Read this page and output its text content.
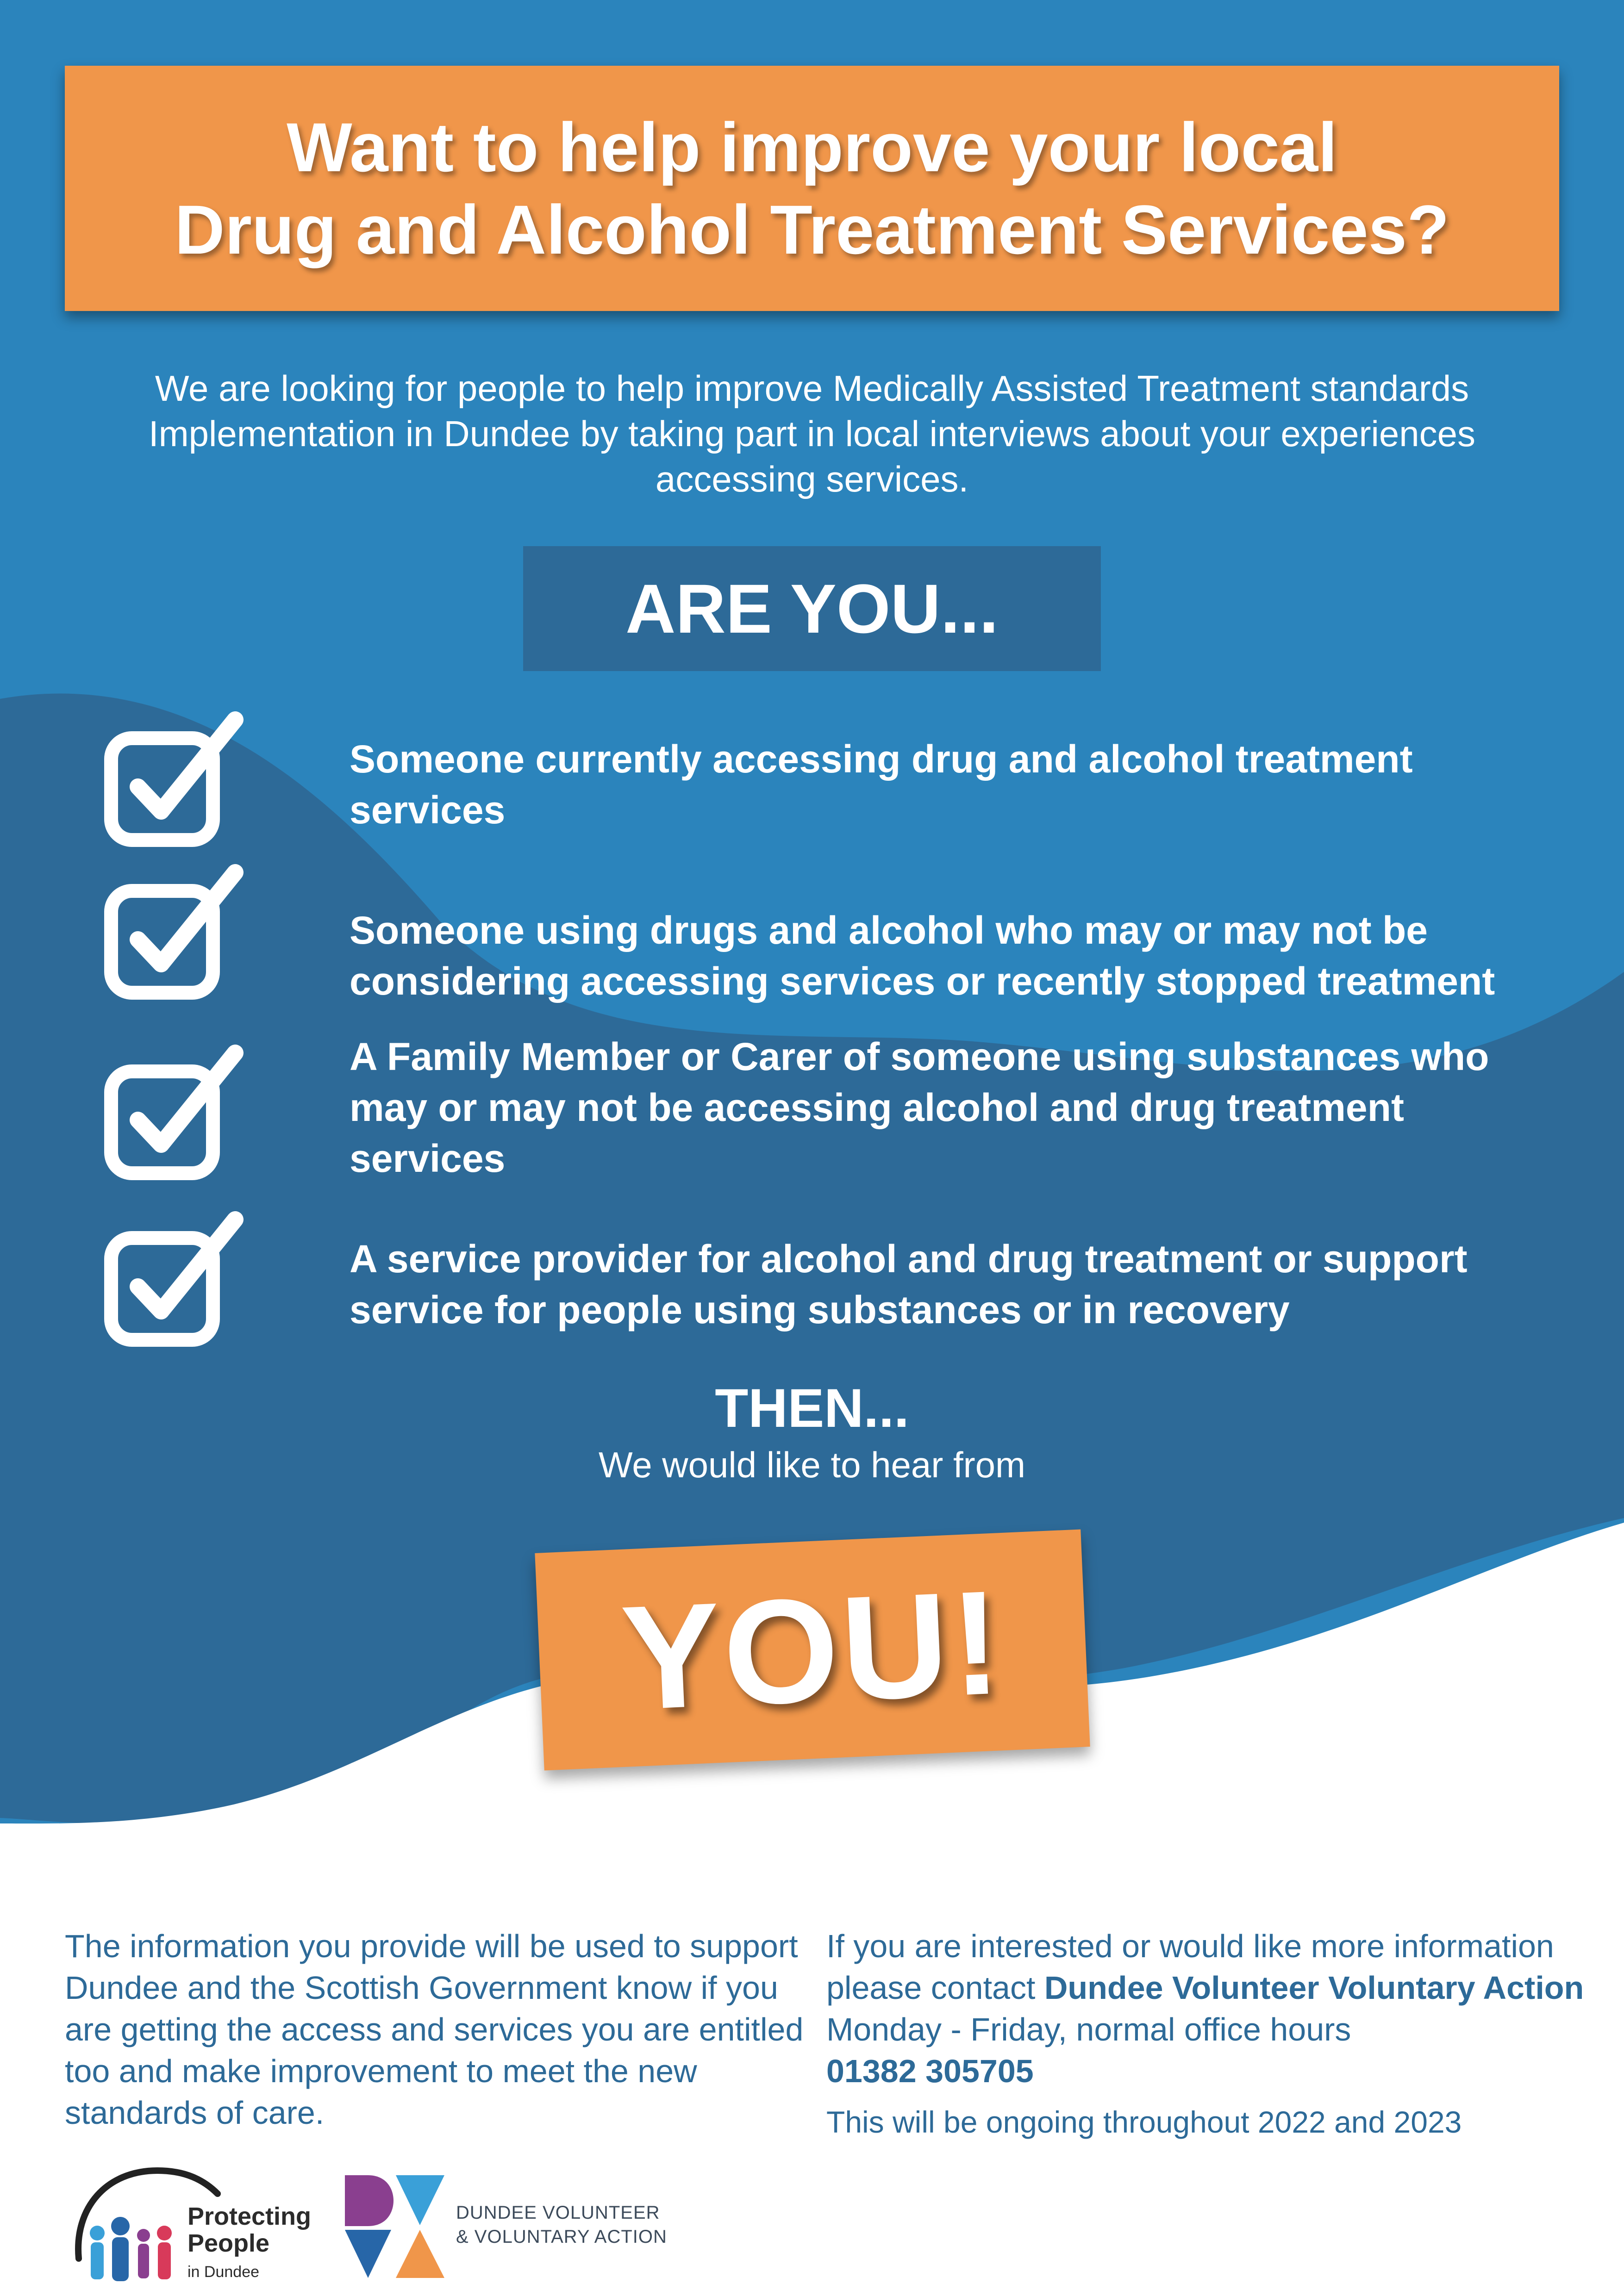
Want to help improve your local
Drug and Alcohol Treatment Services?
We are looking for people to help improve Medically Assisted Treatment standards Implementation in Dundee by taking part in local interviews about your experiences accessing services.
ARE YOU...
Someone currently accessing drug and alcohol treatment services
Someone using drugs and alcohol who may or may not be considering accessing services or recently stopped treatment
A Family Member or Carer of someone using substances who may or may not be accessing alcohol and drug treatment services
A service provider for alcohol and drug treatment or support service for people using substances or in recovery
THEN...
We would like to hear from
YOU!
The information you provide will be used to support Dundee and the Scottish Government know if you are getting the access and services you are entitled too and make improvement to meet the new standards of care.
If you are interested or would like more information please contact Dundee Volunteer Voluntary Action
Monday - Friday, normal office hours
01382 305705
This will be ongoing throughout 2022 and 2023
Protecting
People
in Dundee
DUNDEE VOLUNTEER
& VOLUNTARY ACTION
